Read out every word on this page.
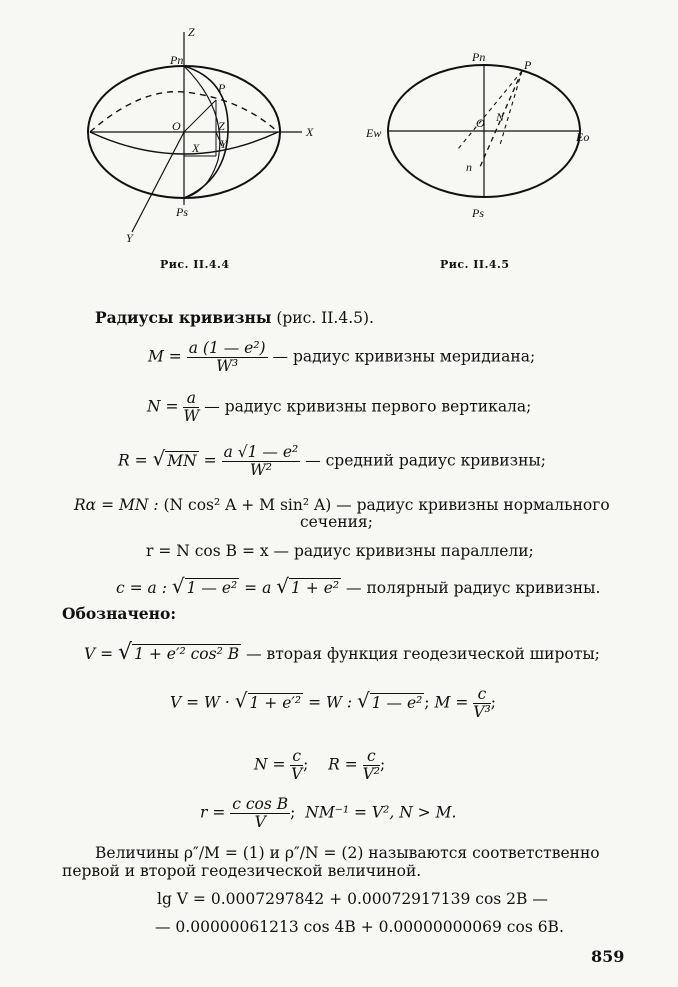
Z
Pn
P
O	Z
X Y
X
Ps
Y
Рис. II.4.4
Pn
P
O N
Ew	Eo
n
Ps
Рис. II.4.5
Радиусы кривизны (рис. II.4.5).
$M = \frac{\text{a (1 — e²)}}{\text{W³}}$ — радиус кривизны меридиана;
$N = \frac{a}{W}$ — радиус кривизны первого вертикала;
R = √ MN = $\frac{\text{a √1 — e²}}{\text{W²}}$ — средний радиус кривизны;
Rα = MN : (N cos² A + M sin² A) — радиус кривизны нормального
сечения;
r = N cos B = x — радиус кривизны параллели;
c = a : √ 1 — e² = a √ 1 + e² — полярный радиус кривизны.
Обозначено:
V = √ 1 + e′² cos² B — вторая функция геодезической широты;
V = W · √ 1 + e′² = W : √ 1 — e² ; $M = \frac{c}{\text{V³}}$ ;
$N = \frac{c}{V}$ ; $R = \frac{c}{\text{V²}}$ ;
$r = \frac{\text{c cos B}}{V}$ ; NM⁻¹ = V², N > M.
Величины ρ″/M = (1) и ρ″/N = (2) называются соответственно
первой и второй геодезической величиной.
lg V = 0.0007297842 + 0.00072917139 cos 2B —
— 0.00000061213 cos 4B + 0.00000000069 cos 6B.
859
